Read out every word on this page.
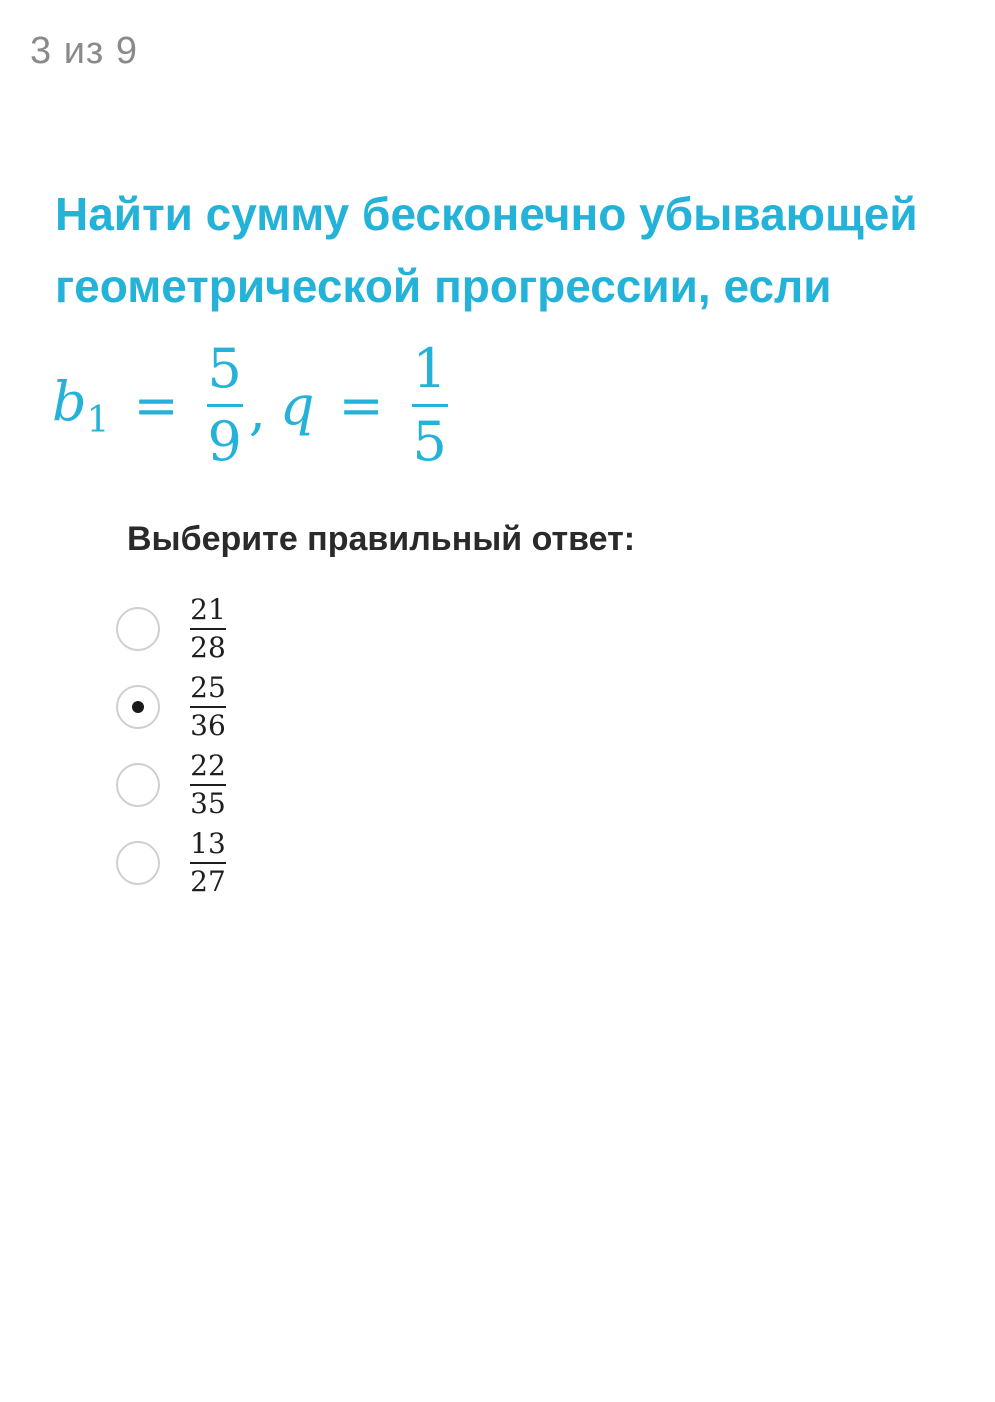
3 из 9
Найти сумму бесконечно убывающей геометрической прогрессии, если
$b_1 = \frac{5}{9}$ , $q = \frac{1}{5}$
Выберите правильный ответ:
$\frac{21}{28}$
$\frac{25}{36}$
$\frac{22}{35}$
$\frac{13}{27}$
